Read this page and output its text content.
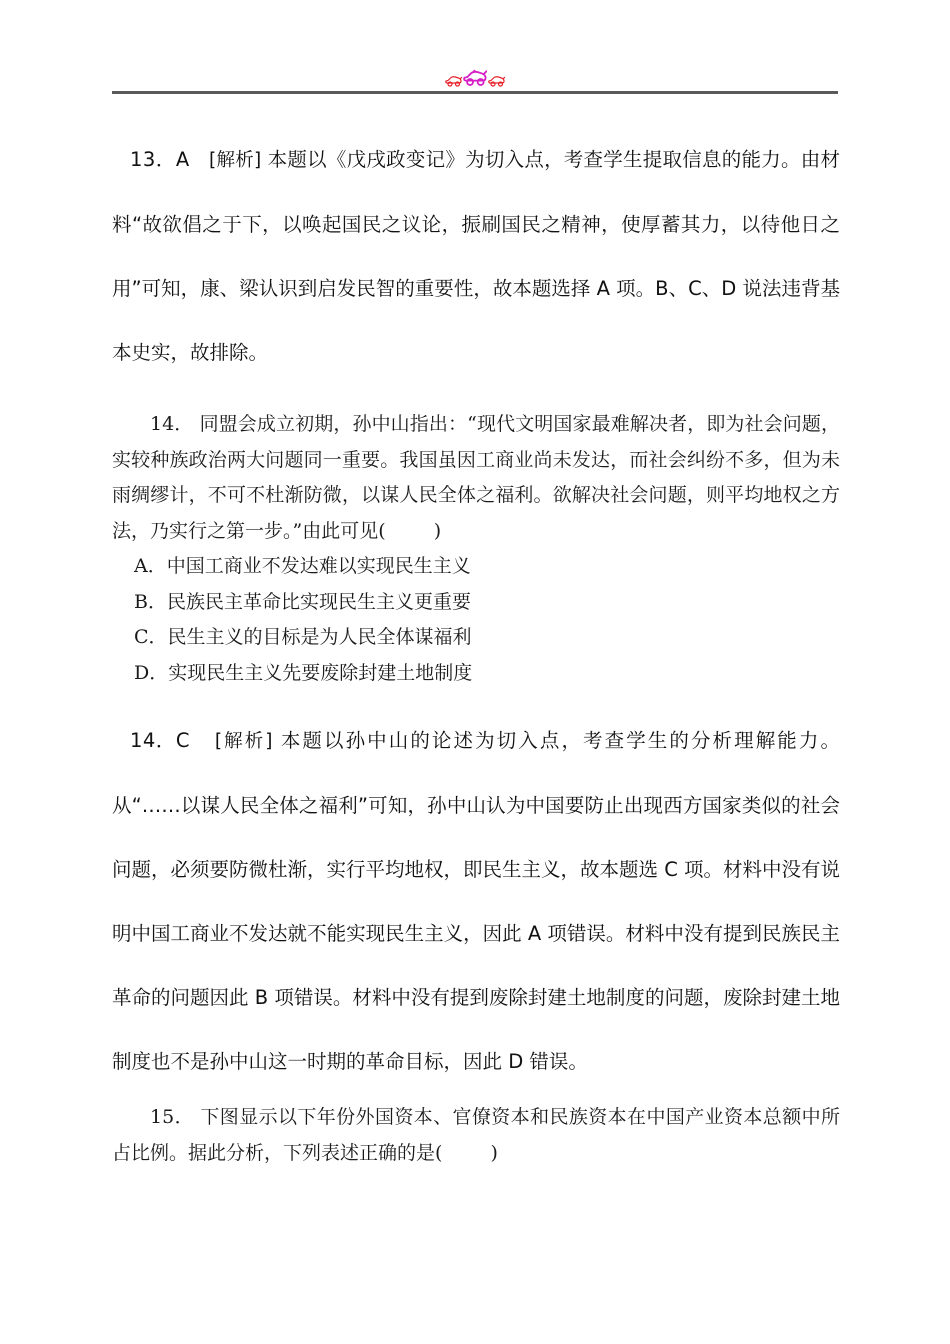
13．A [解析] 本题以《戊戌政变记》为切入点，考查学生提取信息的能力。由材料“故欲倡之于下，以唤起国民之议论，振刷国民之精神，使厚蓄其力，以待他日之用”可知，康、梁认识到启发民智的重要性，故本题选择 A 项。B、C、D 说法违背基本史实，故排除。

14． 同盟会成立初期，孙中山指出：“现代文明国家最难解决者，即为社会问题，实较种族政治两大问题同一重要。我国虽因工商业尚未发达，而社会纠纷不多，但为未雨绸缪计，不可不杜渐防微，以谋人民全体之福利。欲解决社会问题，则平均地权之方法，乃实行之第一步。”由此可见(	)

A．中国工商业不发达难以实现民生主义
B．民族民主革命比实现民生主义更重要
C．民生主义的目标是为人民全体谋福利
D．实现民生主义先要废除封建土地制度

14．C [解析] 本题以孙中山的论述为切入点，考查学生的分析理解能力。从“……以谋人民全体之福利”可知，孙中山认为中国要防止出现西方国家类似的社会问题，必须要防微杜渐，实行平均地权，即民生主义，故本题选 C 项。材料中没有说明中国工商业不发达就不能实现民生主义，因此 A 项错误。材料中没有提到民族民主革命的问题因此 B 项错误。材料中没有提到废除封建土地制度的问题，废除封建土地制度也不是孙中山这一时期的革命目标，因此 D 错误。

15． 下图显示以下年份外国资本、官僚资本和民族资本在中国产业资本总额中所占比例。据此分析，下列表述正确的是(	)
